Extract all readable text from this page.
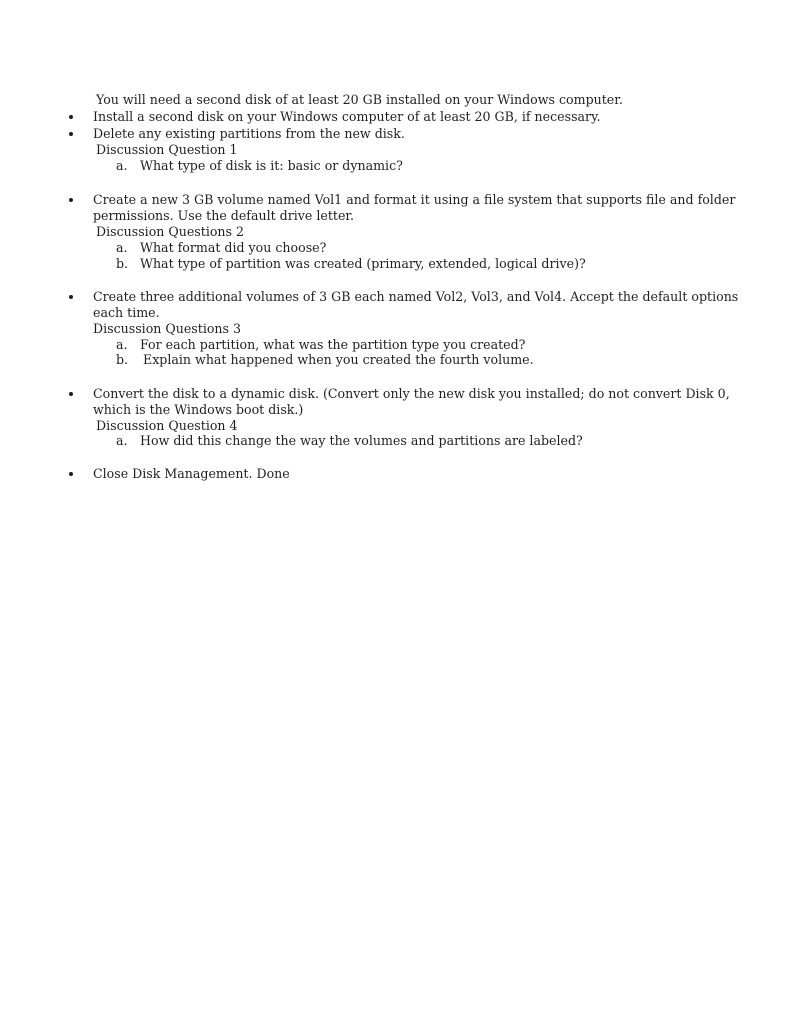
You will need a second disk of at least 20 GB installed on your Windows computer.
Install a second disk on your Windows computer of at least 20 GB, if necessary.
Delete any existing partitions from the new disk.
Discussion Question 1
a. What type of disk is it: basic or dynamic?
Create a new 3 GB volume named Vol1 and format it using a file system that supports file and folder
permissions. Use the default drive letter.
Discussion Questions 2
a. What format did you choose?
b. What type of partition was created (primary, extended, logical drive)?
Create three additional volumes of 3 GB each named Vol2, Vol3, and Vol4. Accept the default options
each time.
Discussion Questions 3
a. For each partition, what was the partition type you created?
b. Explain what happened when you created the fourth volume.
Convert the disk to a dynamic disk. (Convert only the new disk you installed; do not convert Disk 0,
which is the Windows boot disk.)
Discussion Question 4
a. How did this change the way the volumes and partitions are labeled?
Close Disk Management. Done
